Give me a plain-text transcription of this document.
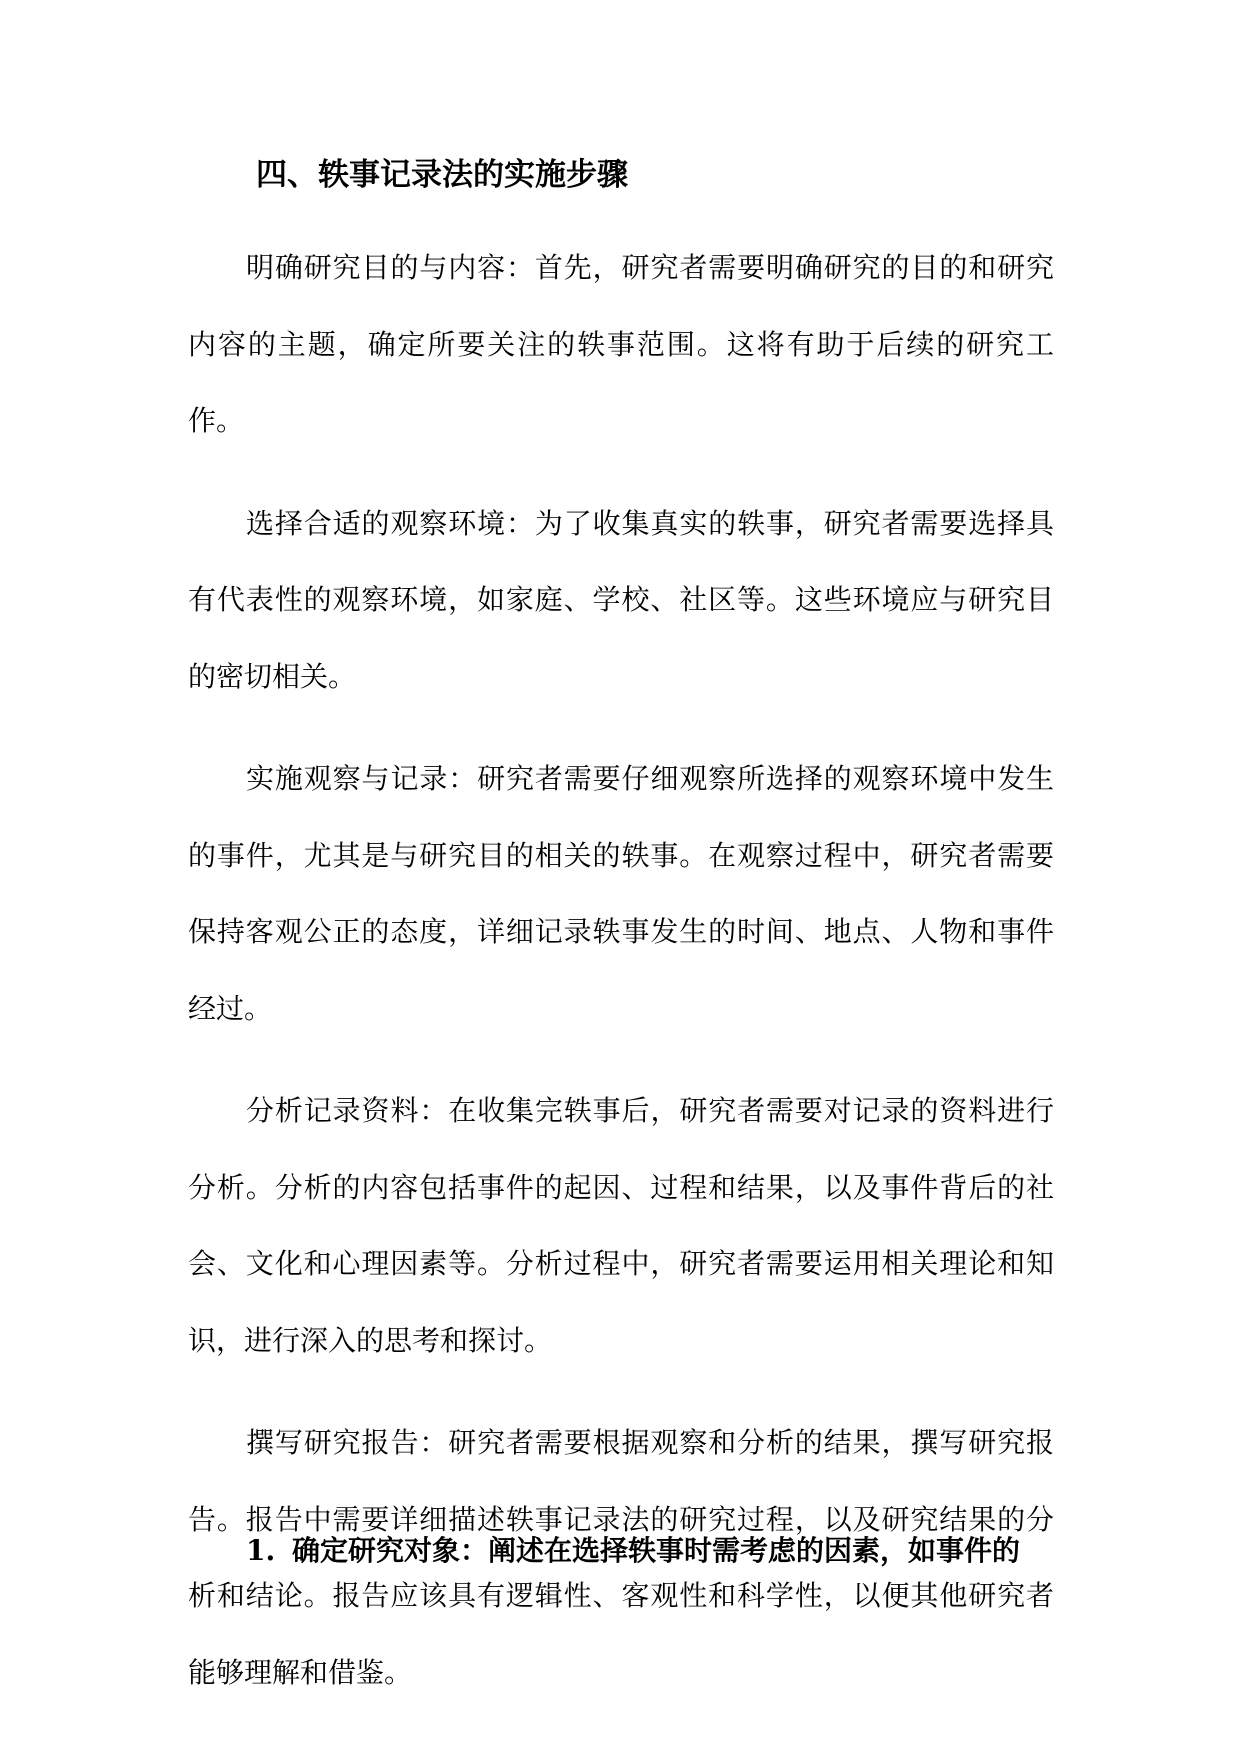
四、轶事记录法的实施步骤

明确研究目的与内容：首先，研究者需要明确研究的目的和研究内容的主题，确定所要关注的轶事范围。这将有助于后续的研究工作。

选择合适的观察环境：为了收集真实的轶事，研究者需要选择具有代表性的观察环境，如家庭、学校、社区等。这些环境应与研究目的密切相关。

实施观察与记录：研究者需要仔细观察所选择的观察环境中发生的事件，尤其是与研究目的相关的轶事。在观察过程中，研究者需要保持客观公正的态度，详细记录轶事发生的时间、地点、人物和事件经过。

分析记录资料：在收集完轶事后，研究者需要对记录的资料进行分析。分析的内容包括事件的起因、过程和结果，以及事件背后的社会、文化和心理因素等。分析过程中，研究者需要运用相关理论和知识，进行深入的思考和探讨。

撰写研究报告：研究者需要根据观察和分析的结果，撰写研究报告。报告中需要详细描述轶事记录法的研究过程，以及研究结果的分析和结论。报告应该具有逻辑性、客观性和科学性，以便其他研究者能够理解和借鉴。

1. 确定研究对象：阐述在选择轶事时需考虑的因素，如事件的
